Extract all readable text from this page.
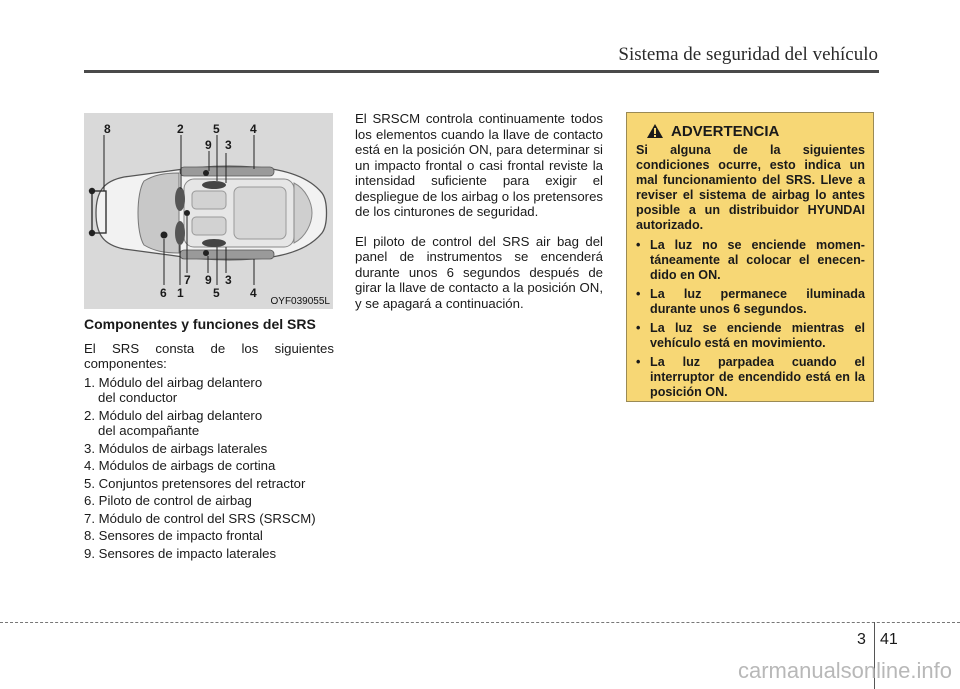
Sistema de seguridad del vehículo
8	2 5	4
9 3
6 1
7
5
9 3
4
OYF039055L
Componentes y funciones del SRS

El SRS consta de los siguientes componentes:

1. Módulo del airbag delantero
del conductor
2. Módulo del airbag delantero
del acompañante
3. Módulos de airbags laterales
4. Módulos de airbags de cortina
5. Conjuntos pretensores del retractor
6. Piloto de control de airbag
7. Módulo de control del SRS (SRSCM)
8. Sensores de impacto frontal
9. Sensores de impacto laterales

El SRSCM controla continuamente todos los elementos cuando la llave de contacto está en la posición ON, para determinar si un impacto frontal o casi frontal reviste la intensidad suficiente para exigir el despliegue de los airbag o los pretensores de los cinturones de seguridad.

El piloto de control del SRS air bag del panel de instrumentos se encenderá durante unos 6 segundos después de girar la llave de contacto a la posición ON, y se apagará a continuación.

ADVERTENCIA

Si alguna de la siguientes condiciones ocurre, esto indica un mal funcionamiento del SRS. Lleve a reviser el sistema de airbag lo antes posible a un distribuidor HYUNDAI autorizado.

• La luz no se enciende momen-táneamente al colocar el enecen-dido en ON.
• La luz permanece iluminada durante unos 6 segundos.
• La luz se enciende mientras el vehículo está en movimiento.
• La luz parpadea cuando el interruptor de encendido está en la posición ON.
3 41
carmanualsonline.info
